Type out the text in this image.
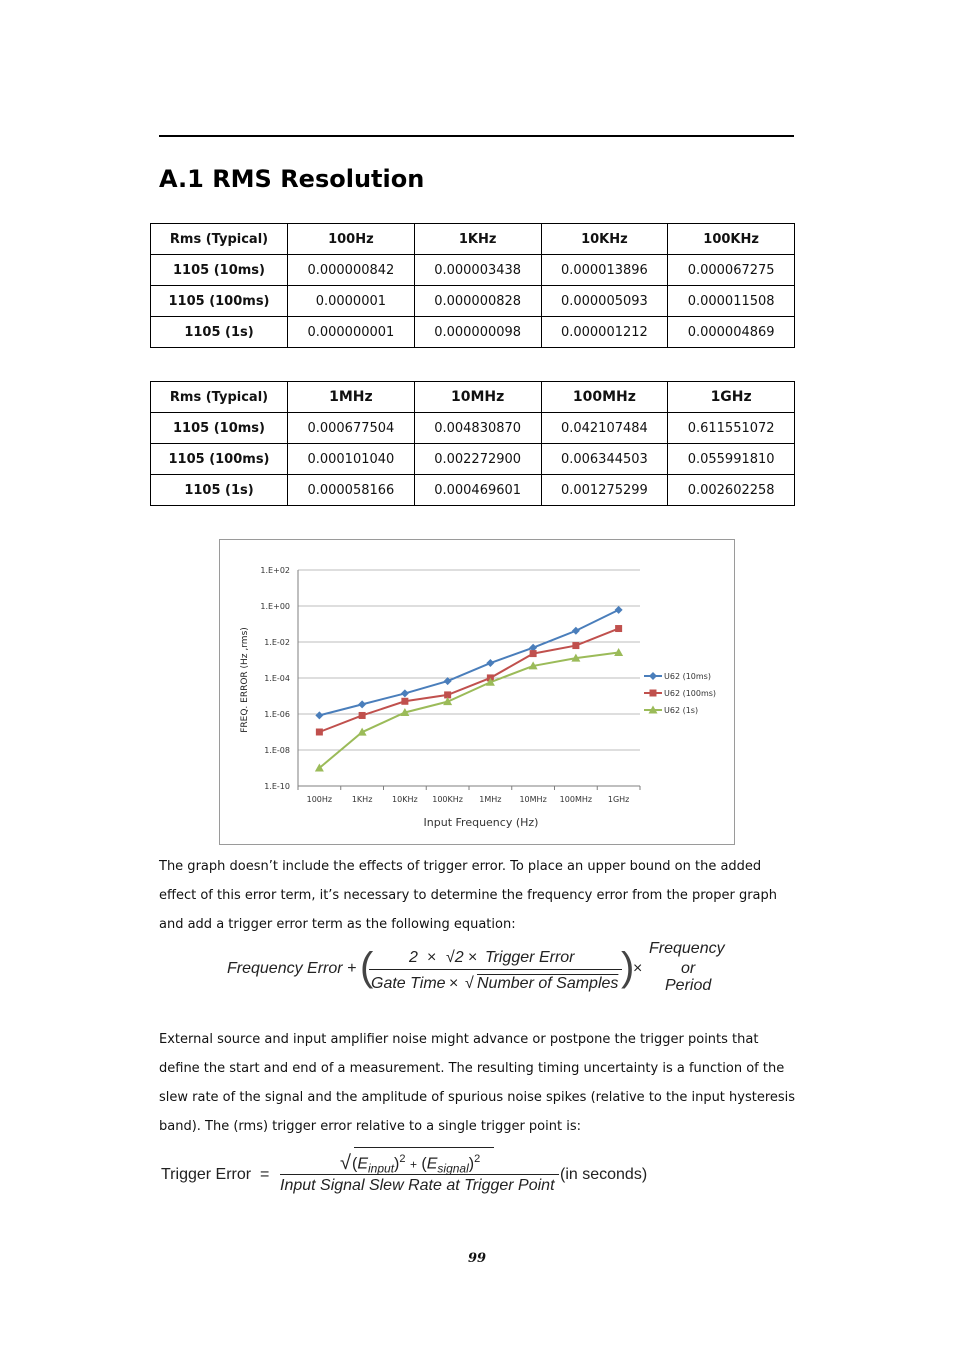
A.1 RMS Resolution
Rms (Typical)	100Hz	1KHz	10KHz	100KHz
1105 (10ms)	0.000000842	0.000003438	0.000013896	0.000067275
1105 (100ms)	0.0000001	0.000000828	0.000005093	0.000011508
1105 (1s)	0.000000001	0.000000098	0.000001212	0.000004869
Rms (Typical)	1MHz	10MHz	100MHz	1GHz
1105 (10ms)	0.000677504	0.004830870	0.042107484	0.611551072
1105 (100ms)	0.000101040	0.002272900	0.006344503	0.055991810
1105 (1s)	0.000058166	0.000469601	0.001275299	0.002602258
1.E+02
1.E+00
1.E-02
1.E-04
1.E-06
1.E-08
1.E-10
100Hz 1KHz 10KHz 100KHz 1MHz 10MHz 100MHz 1GHz
Input Frequency (Hz)
FREQ. ERROR (Hz ,rms)	U62 (10ms)
U62 (100ms)
U62 (1s)

The graph doesn’t include the effects of trigger error. To place an upper bound on the added effect of this error term, it’s necessary to determine the frequency error from the proper graph and add a trigger error term as the following equation:

Frequency Error + ( 2 × √2 × Trigger Error
Gate Time × √ Number of Samples )
×
Frequency
or
Period

External source and input amplifier noise might advance or postpone the trigger points that define the start and end of a measurement. The resulting timing uncertainty is a function of the slew rate of the signal and the amplitude of spurious noise spikes (relative to the input hysteresis band). The (rms) trigger error relative to a single trigger point is:

Trigger Error  =
√ $(E_{input})^2 + (E_{signal})^2$
Input Signal Slew Rate at Trigger Point
(in seconds)
99
